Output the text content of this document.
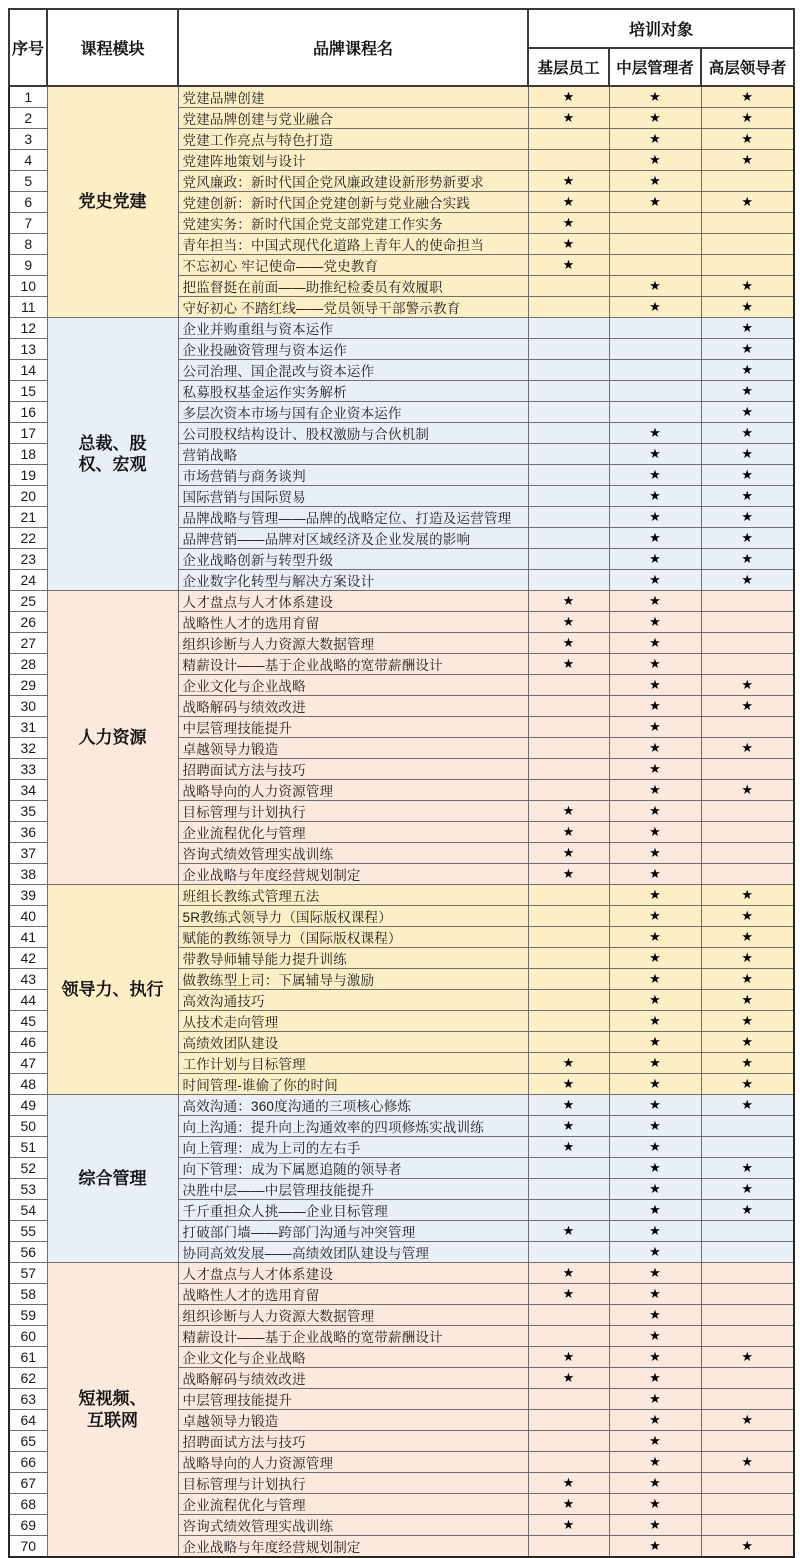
序号	课程模块	品牌课程名	培训对象		
			基层员工	中层管理者	高层领导者
1	党史党建	党建品牌创建	★	★	★
2		党建品牌创建与党业融合	★	★	★
3		党建工作亮点与特色打造		★	★
4		党建阵地策划与设计		★	★
5		党风廉政：新时代国企党风廉政建设新形势新要求	★	★	
6		党建创新：新时代国企党建创新与党业融合实践	★	★	★
7		党建实务：新时代国企党支部党建工作实务	★		
8		青年担当：中国式现代化道路上青年人的使命担当	★		
9		不忘初心 牢记使命——党史教育	★		
10		把监督挺在前面——助推纪检委员有效履职		★	★
11		守好初心 不踏红线——党员领导干部警示教育		★	★
12	总裁、股权、宏观	企业并购重组与资本运作			★
13		企业投融资管理与资本运作			★
14		公司治理、国企混改与资本运作			★
15		私募股权基金运作实务解析			★
16		多层次资本市场与国有企业资本运作			★
17		公司股权结构设计、股权激励与合伙机制		★	★
18		营销战略		★	★
19		市场营销与商务谈判		★	★
20		国际营销与国际贸易		★	★
21		品牌战略与管理——品牌的战略定位、打造及运营管理		★	★
22		品牌营销——品牌对区域经济及企业发展的影响		★	★
23		企业战略创新与转型升级		★	★
24		企业数字化转型与解决方案设计		★	★
25	人力资源	人才盘点与人才体系建设	★	★	
26		战略性人才的选用育留	★	★	
27		组织诊断与人力资源大数据管理	★	★	
28		精薪设计——基于企业战略的宽带薪酬设计	★	★	
29		企业文化与企业战略		★	★
30		战略解码与绩效改进		★	★
31		中层管理技能提升		★	
32		卓越领导力锻造		★	★
33		招聘面试方法与技巧		★	
34		战略导向的人力资源管理		★	★
35		目标管理与计划执行	★	★	
36		企业流程优化与管理	★	★	
37		咨询式绩效管理实战训练	★	★	
38		企业战略与年度经营规划制定	★	★	
39	领导力、执行	班组长教练式管理五法		★	★
40		5R教练式领导力（国际版权课程）		★	★
41		赋能的教练领导力（国际版权课程）		★	★
42		带教导师辅导能力提升训练		★	★
43		做教练型上司：下属辅导与激励		★	★
44		高效沟通技巧		★	★
45		从技术走向管理		★	★
46		高绩效团队建设		★	★
47		工作计划与目标管理	★	★	★
48		时间管理-谁偷了你的时间	★	★	★
49	综合管理	高效沟通：360度沟通的三项核心修炼	★	★	★
50		向上沟通：提升向上沟通效率的四项修炼实战训练	★	★	
51		向上管理：成为上司的左右手	★	★	
52		向下管理：成为下属愿追随的领导者		★	★
53		决胜中层——中层管理技能提升		★	★
54		千斤重担众人挑——企业目标管理		★	★
55		打破部门墙——跨部门沟通与冲突管理	★	★	
56		协同高效发展——高绩效团队建设与管理		★	
57	短视频、互联网	人才盘点与人才体系建设	★	★	
58		战略性人才的选用育留	★	★	
59		组织诊断与人力资源大数据管理		★	
60		精薪设计——基于企业战略的宽带薪酬设计		★	
61		企业文化与企业战略	★	★	★
62		战略解码与绩效改进	★	★	
63		中层管理技能提升		★	
64		卓越领导力锻造		★	★
65		招聘面试方法与技巧		★	
66		战略导向的人力资源管理		★	★
67		目标管理与计划执行	★	★	
68		企业流程优化与管理	★	★	
69		咨询式绩效管理实战训练	★	★	
70		企业战略与年度经营规划制定		★	★
